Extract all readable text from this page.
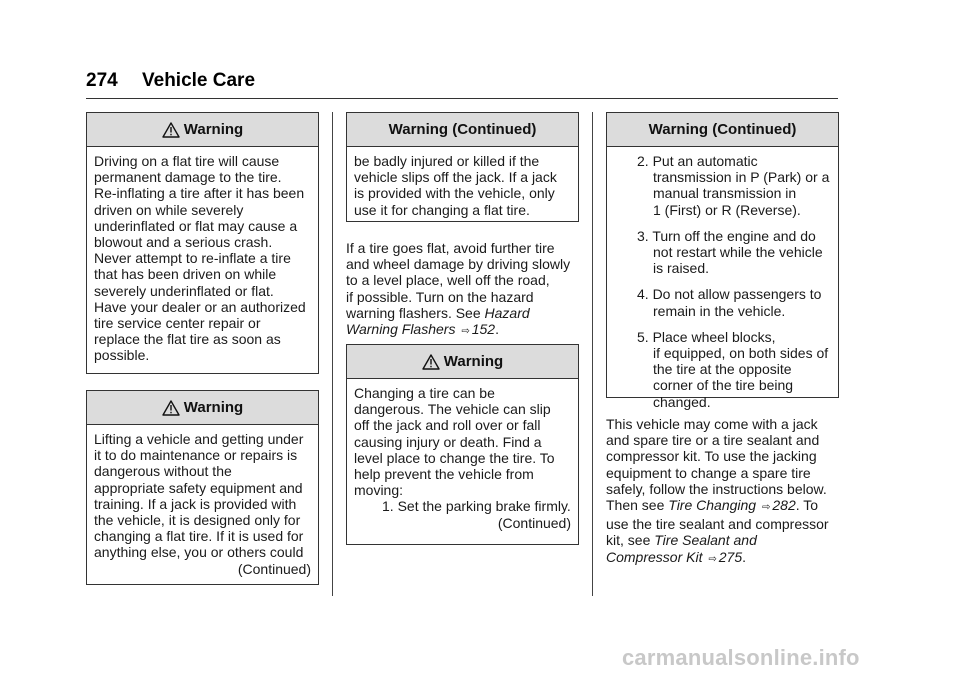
274 Vehicle Care
Warning

Driving on a flat tire will cause

permanent damage to the tire.

Re-inflating a tire after it has been

driven on while severely

underinflated or flat may cause a

blowout and a serious crash.

Never attempt to re-inflate a tire

that has been driven on while

severely underinflated or flat.

Have your dealer or an authorized

tire service center repair or

replace the flat tire as soon as

possible.

Warning

Lifting a vehicle and getting under

it to do maintenance or repairs is

dangerous without the

appropriate safety equipment and

training. If a jack is provided with

the vehicle, it is designed only for

changing a flat tire. If it is used for

anything else, you or others could

(Continued)

Warning (Continued)

be badly injured or killed if the

vehicle slips off the jack. If a jack

is provided with the vehicle, only

use it for changing a flat tire.

If a tire goes flat, avoid further tire

and wheel damage by driving slowly

to a level place, well off the road,

if possible. Turn on the hazard

warning flashers. See Hazard

Warning Flashers ⇨ 152.

Warning

Changing a tire can be

dangerous. The vehicle can slip

off the jack and roll over or fall

causing injury or death. Find a

level place to change the tire. To

help prevent the vehicle from

moving:

1. Set the parking brake firmly.

(Continued)

Warning (Continued)
2. Put an automatic
transmission in P (Park) or a
manual transmission in
1 (First) or R (Reverse).
3. Turn off the engine and do
not restart while the vehicle
is raised.
4. Do not allow passengers to
remain in the vehicle.
5. Place wheel blocks,
if equipped, on both sides of
the tire at the opposite
corner of the tire being
changed.

This vehicle may come with a jack

and spare tire or a tire sealant and

compressor kit. To use the jacking

equipment to change a spare tire

safely, follow the instructions below.

Then see Tire Changing ⇨ 282. To

use the tire sealant and compressor

kit, see Tire Sealant and

Compressor Kit ⇨ 275.

carmanualsonline.info
